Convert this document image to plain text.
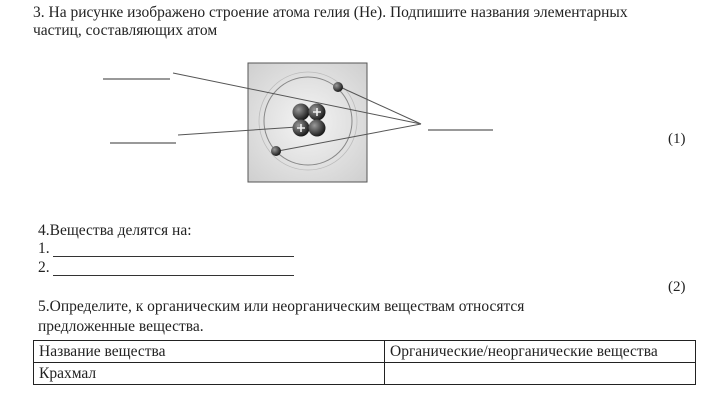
3. На рисунке изображено строение атома гелия (He). Подпишите названия элементарных
частиц, составляющих атом
(1)
4.Вещества делятся на:
1.
2.
(2)
5.Определите, к органическим или неорганическим веществам относятся
предложенные вещества.
Название вещества	Органические/неорганические вещества
Крахмал	
